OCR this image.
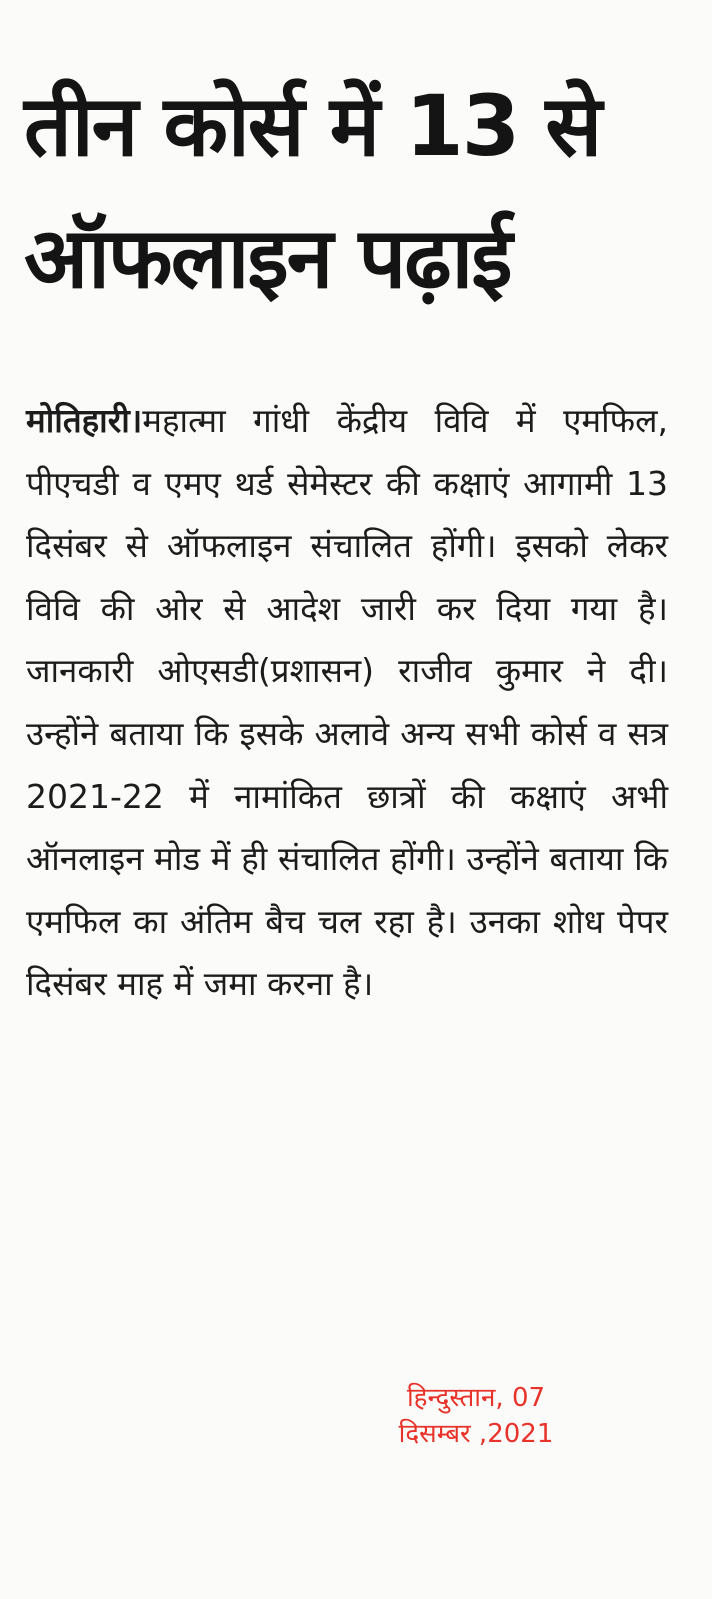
तीन कोर्स में 13 से
ऑफलाइन पढ़ाई
मोतिहारी।महात्मा गांधी केंद्रीय विवि में एमफिल, पीएचडी व एमए थर्ड सेमेस्टर की कक्षाएं आगामी 13 दिसंबर से ऑफलाइन संचालित होंगी। इसको लेकर विवि की ओर से आदेश जारी कर दिया गया है। जानकारी ओएसडी(प्रशासन) राजीव कुमार ने दी। उन्होंने बताया कि इसके अलावे अन्य सभी कोर्स व सत्र 2021-22 में नामांकित छात्रों की कक्षाएं अभी ऑनलाइन मोड में ही संचालित होंगी। उन्होंने बताया कि एमफिल का अंतिम बैच चल रहा है। उनका शोध पेपर दिसंबर माह में जमा करना है।
हिन्दुस्तान, 07
दिसम्बर ,2021
